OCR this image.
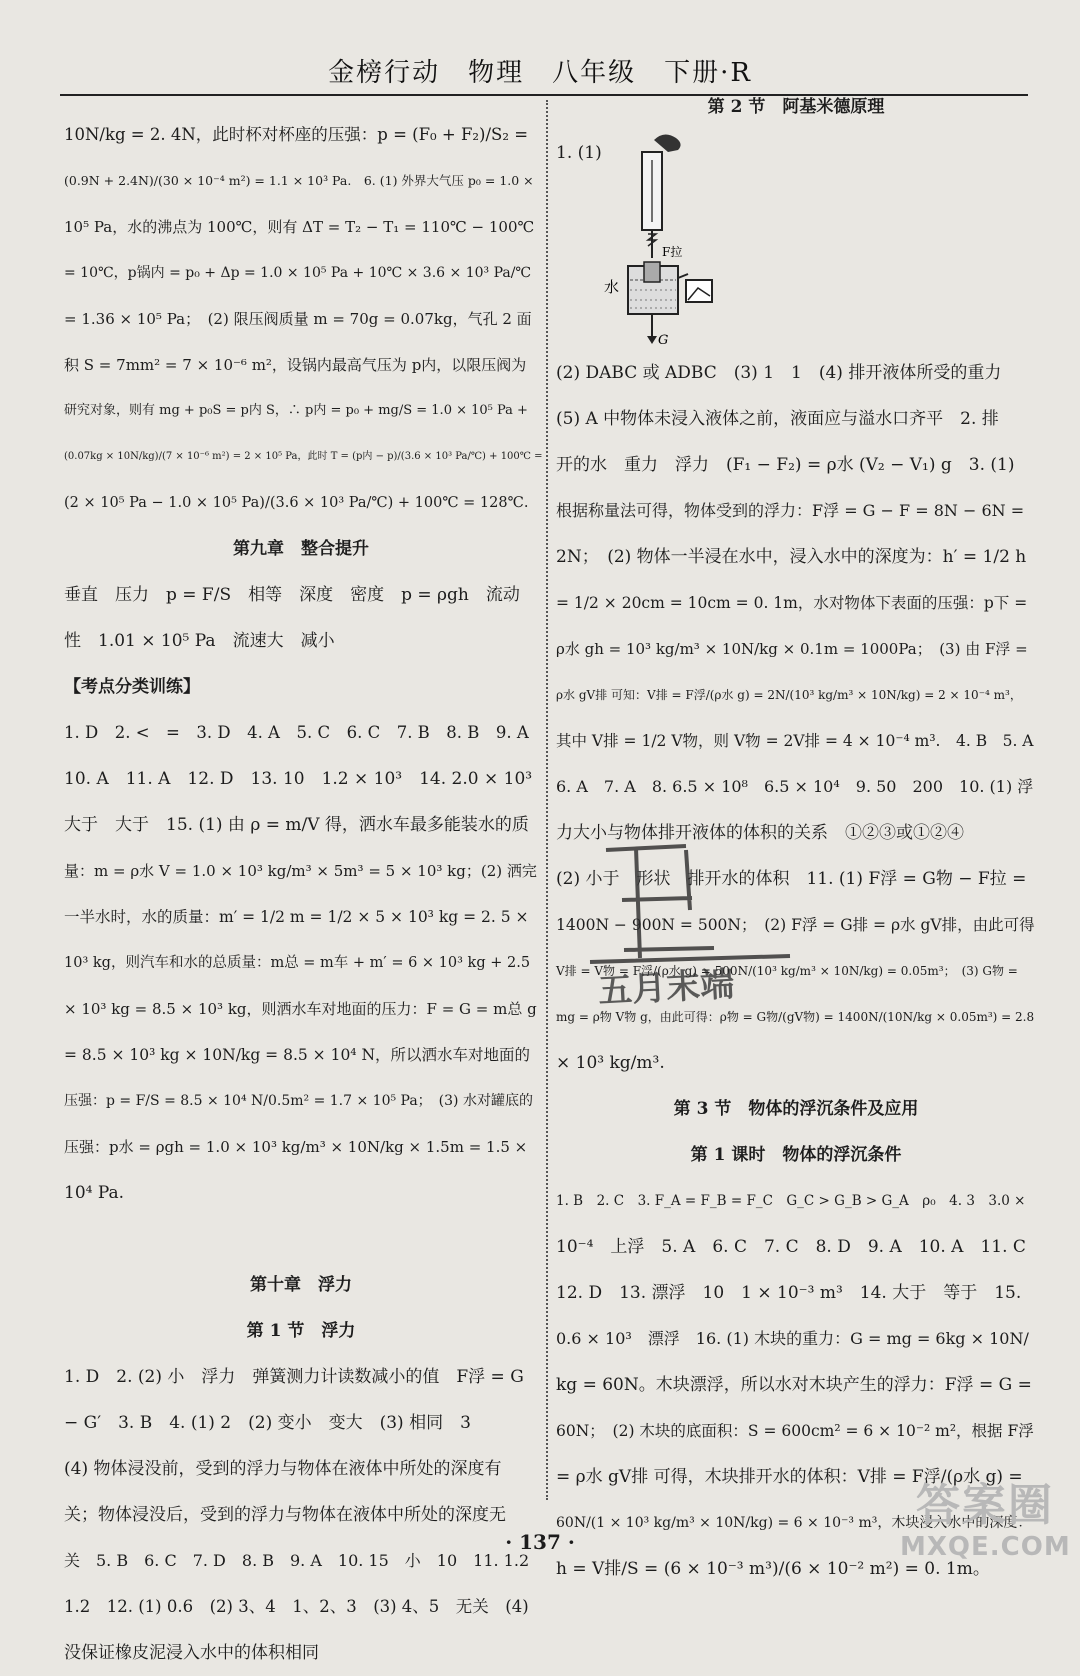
金榜行动　物理　八年级　下册·R
10N/kg = 2. 4N，此时杯对杯座的压强：p = (F₀ + F₂)/S₂ =
(0.9N + 2.4N)/(30 × 10⁻⁴ m²) = 1.1 × 10³ Pa.　6. (1) 外界大气压 p₀ = 1.0 ×
10⁵ Pa，水的沸点为 100℃，则有 ΔT = T₂ − T₁ = 110℃ − 100℃
= 10℃，p锅内 = p₀ + Δp = 1.0 × 10⁵ Pa + 10℃ × 3.6 × 10³ Pa/℃
= 1.36 × 10⁵ Pa；　(2) 限压阀质量 m = 70g = 0.07kg，气孔 2 面
积 S = 7mm² = 7 × 10⁻⁶ m²，设锅内最高气压为 p内，以限压阀为
研究对象，则有 mg + p₀S = p内 S，∴ p内 = p₀ + mg/S = 1.0 × 10⁵ Pa +
(0.07kg × 10N/kg)/(7 × 10⁻⁶ m²) = 2 × 10⁵ Pa，此时 T = (p内 − p)/(3.6 × 10³ Pa/℃) + 100℃ =
(2 × 10⁵ Pa − 1.0 × 10⁵ Pa)/(3.6 × 10³ Pa/℃) + 100℃ = 128℃.
第九章　整合提升
垂直　压力　p = F/S　相等　深度　密度　p = ρgh　流动
性　1.01 × 10⁵ Pa　流速大　减小
【考点分类训练】
1. D　2. <　=　3. D　4. A　5. C　6. C　7. B　8. B　9. A
10. A　11. A　12. D　13. 10　1.2 × 10³　14. 2.0 × 10³
大于　大于　15. (1) 由 ρ = m/V 得，洒水车最多能装水的质
量：m = ρ水 V = 1.0 × 10³ kg/m³ × 5m³ = 5 × 10³ kg；(2) 洒完
一半水时，水的质量：m′ = 1/2 m = 1/2 × 5 × 10³ kg = 2. 5 ×
10³ kg，则汽车和水的总质量：m总 = m车 + m′ = 6 × 10³ kg + 2.5
× 10³ kg = 8.5 × 10³ kg，则洒水车对地面的压力：F = G = m总 g
= 8.5 × 10³ kg × 10N/kg = 8.5 × 10⁴ N，所以洒水车对地面的
压强：p = F/S = 8.5 × 10⁴ N/0.5m² = 1.7 × 10⁵ Pa；　(3) 水对罐底的
压强：p水 = ρgh = 1.0 × 10³ kg/m³ × 10N/kg × 1.5m = 1.5 ×
10⁴ Pa.
第十章　浮力
第 1 节　浮力
1. D　2. (2) 小　浮力　弹簧测力计读数减小的值　F浮 = G
− G′　3. B　4. (1) 2　(2) 变小　变大　(3) 相同　3
(4) 物体浸没前，受到的浮力与物体在液体中所处的深度有
关；物体浸没后，受到的浮力与物体在液体中所处的深度无
关　5. B　6. C　7. D　8. B　9. A　10. 15　小　10　11. 1.2
1.2　12. (1) 0.6　(2) 3、4　1、2、3　(3) 4、5　无关　(4)
没保证橡皮泥浸入水中的体积相同
第 2 节　阿基米德原理
1. (1)
F拉
G
水
(2) DABC 或 ADBC　(3) 1　1　(4) 排开液体所受的重力
(5) A 中物体未浸入液体之前，液面应与溢水口齐平　2. 排
开的水　重力　浮力　(F₁ − F₂) = ρ水 (V₂ − V₁) g　3. (1)
根据称量法可得，物体受到的浮力：F浮 = G − F = 8N − 6N =
2N；　(2) 物体一半浸在水中，浸入水中的深度为：h′ = 1/2 h
= 1/2 × 20cm = 10cm = 0. 1m，水对物体下表面的压强：p下 =
ρ水 gh = 10³ kg/m³ × 10N/kg × 0.1m = 1000Pa；　(3) 由 F浮 =
ρ水 gV排 可知：V排 = F浮/(ρ水 g) = 2N/(10³ kg/m³ × 10N/kg) = 2 × 10⁻⁴ m³，
其中 V排 = 1/2 V物，则 V物 = 2V排 = 4 × 10⁻⁴ m³.　4. B　5. A
6. A　7. A　8. 6.5 × 10⁸　6.5 × 10⁴　9. 50　200　10. (1) 浮
力大小与物体排开液体的体积的关系　①②③或①②④
(2) 小于　形状　排开水的体积　11. (1) F浮 = G物 − F拉 =
1400N − 900N = 500N；　(2) F浮 = G排 = ρ水 gV排，由此可得
V排 = V物 = F浮/(ρ水 g) = 500N/(10³ kg/m³ × 10N/kg) = 0.05m³；　(3) G物 =
mg = ρ物 V物 g，由此可得：ρ物 = G物/(gV物) = 1400N/(10N/kg × 0.05m³) = 2.8
× 10³ kg/m³.
第 3 节　物体的浮沉条件及应用
第 1 课时　物体的浮沉条件
1. B　2. C　3. F_A = F_B = F_C　G_C > G_B > G_A　ρ₀　4. 3　3.0 ×
10⁻⁴　上浮　5. A　6. C　7. C　8. D　9. A　10. A　11. C
12. D　13. 漂浮　10　1 × 10⁻³ m³　14. 大于　等于　15.
0.6 × 10³　漂浮　16. (1) 木块的重力：G = mg = 6kg × 10N/
kg = 60N。木块漂浮，所以水对木块产生的浮力：F浮 = G =
60N；　(2) 木块的底面积：S = 600cm² = 6 × 10⁻² m²，根据 F浮
= ρ水 gV排 可得，木块排开水的体积：V排 = F浮/(ρ水 g) =
60N/(1 × 10³ kg/m³ × 10N/kg) = 6 × 10⁻³ m³，木块浸入水中的深度：
h = V排/S = (6 × 10⁻³ m³)/(6 × 10⁻² m²) = 0. 1m。
五月末端
· 137 ·
答案圈
MXQE.COM
